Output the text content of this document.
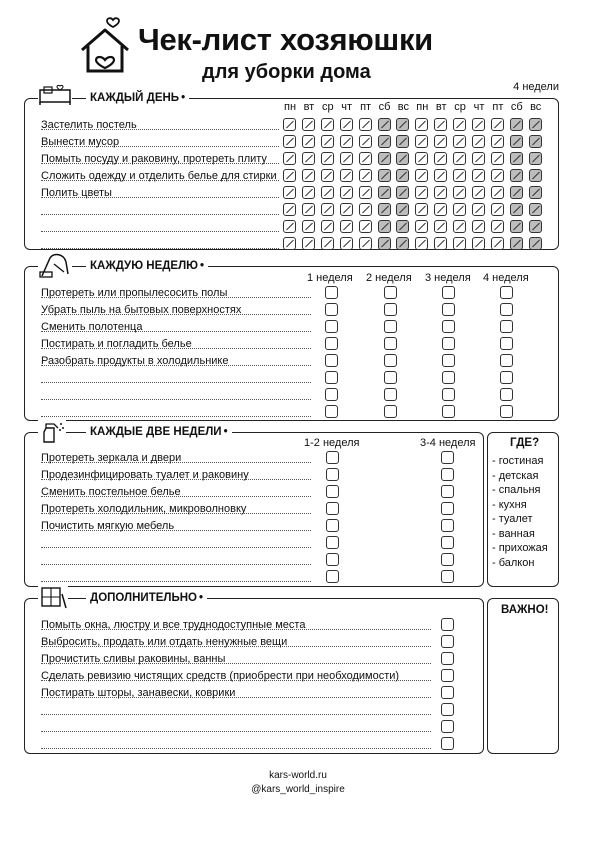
Чек-лист хозяюшки
для уборки дома
4 недели
КАЖДЫЙ ДЕНЬ •
пн вт ср чт пт сб вс пн вт ср чт пт сб вс
Застелить постель
Вынести мусор
Помыть посуду и раковину, протереть плиту
Сложить одежду и отделить белье для стирки
Полить цветы
КАЖДУЮ НЕДЕЛЮ •
1 неделя 2 неделя 3 неделя 4 неделя
Протереть или пропылесосить полы
Убрать пыль на бытовых поверхностях
Сменить полотенца
Постирать и погладить белье
Разобрать продукты в холодильнике
КАЖДЫЕ ДВЕ НЕДЕЛИ •
1-2 неделя	3-4 неделя
Протереть зеркала и двери
Продезинфицировать туалет и раковину
Сменить постельное белье
Протереть холодильник, микроволновку
Почистить мягкую мебель
ГДЕ?
- гостиная
- детская
- спальня
- кухня
- туалет
- ванная
- прихожая
- балкон
ДОПОЛНИТЕЛЬНО •
Помыть окна, люстру и все труднодоступные места
Выбросить, продать или отдать ненужные вещи
Прочистить сливы раковины, ванны
Сделать ревизию чистящих средств (приобрести при необходимости)
Постирать шторы, занавески, коврики
ВАЖНО!
kars-world.ru
@kars_world_inspire
